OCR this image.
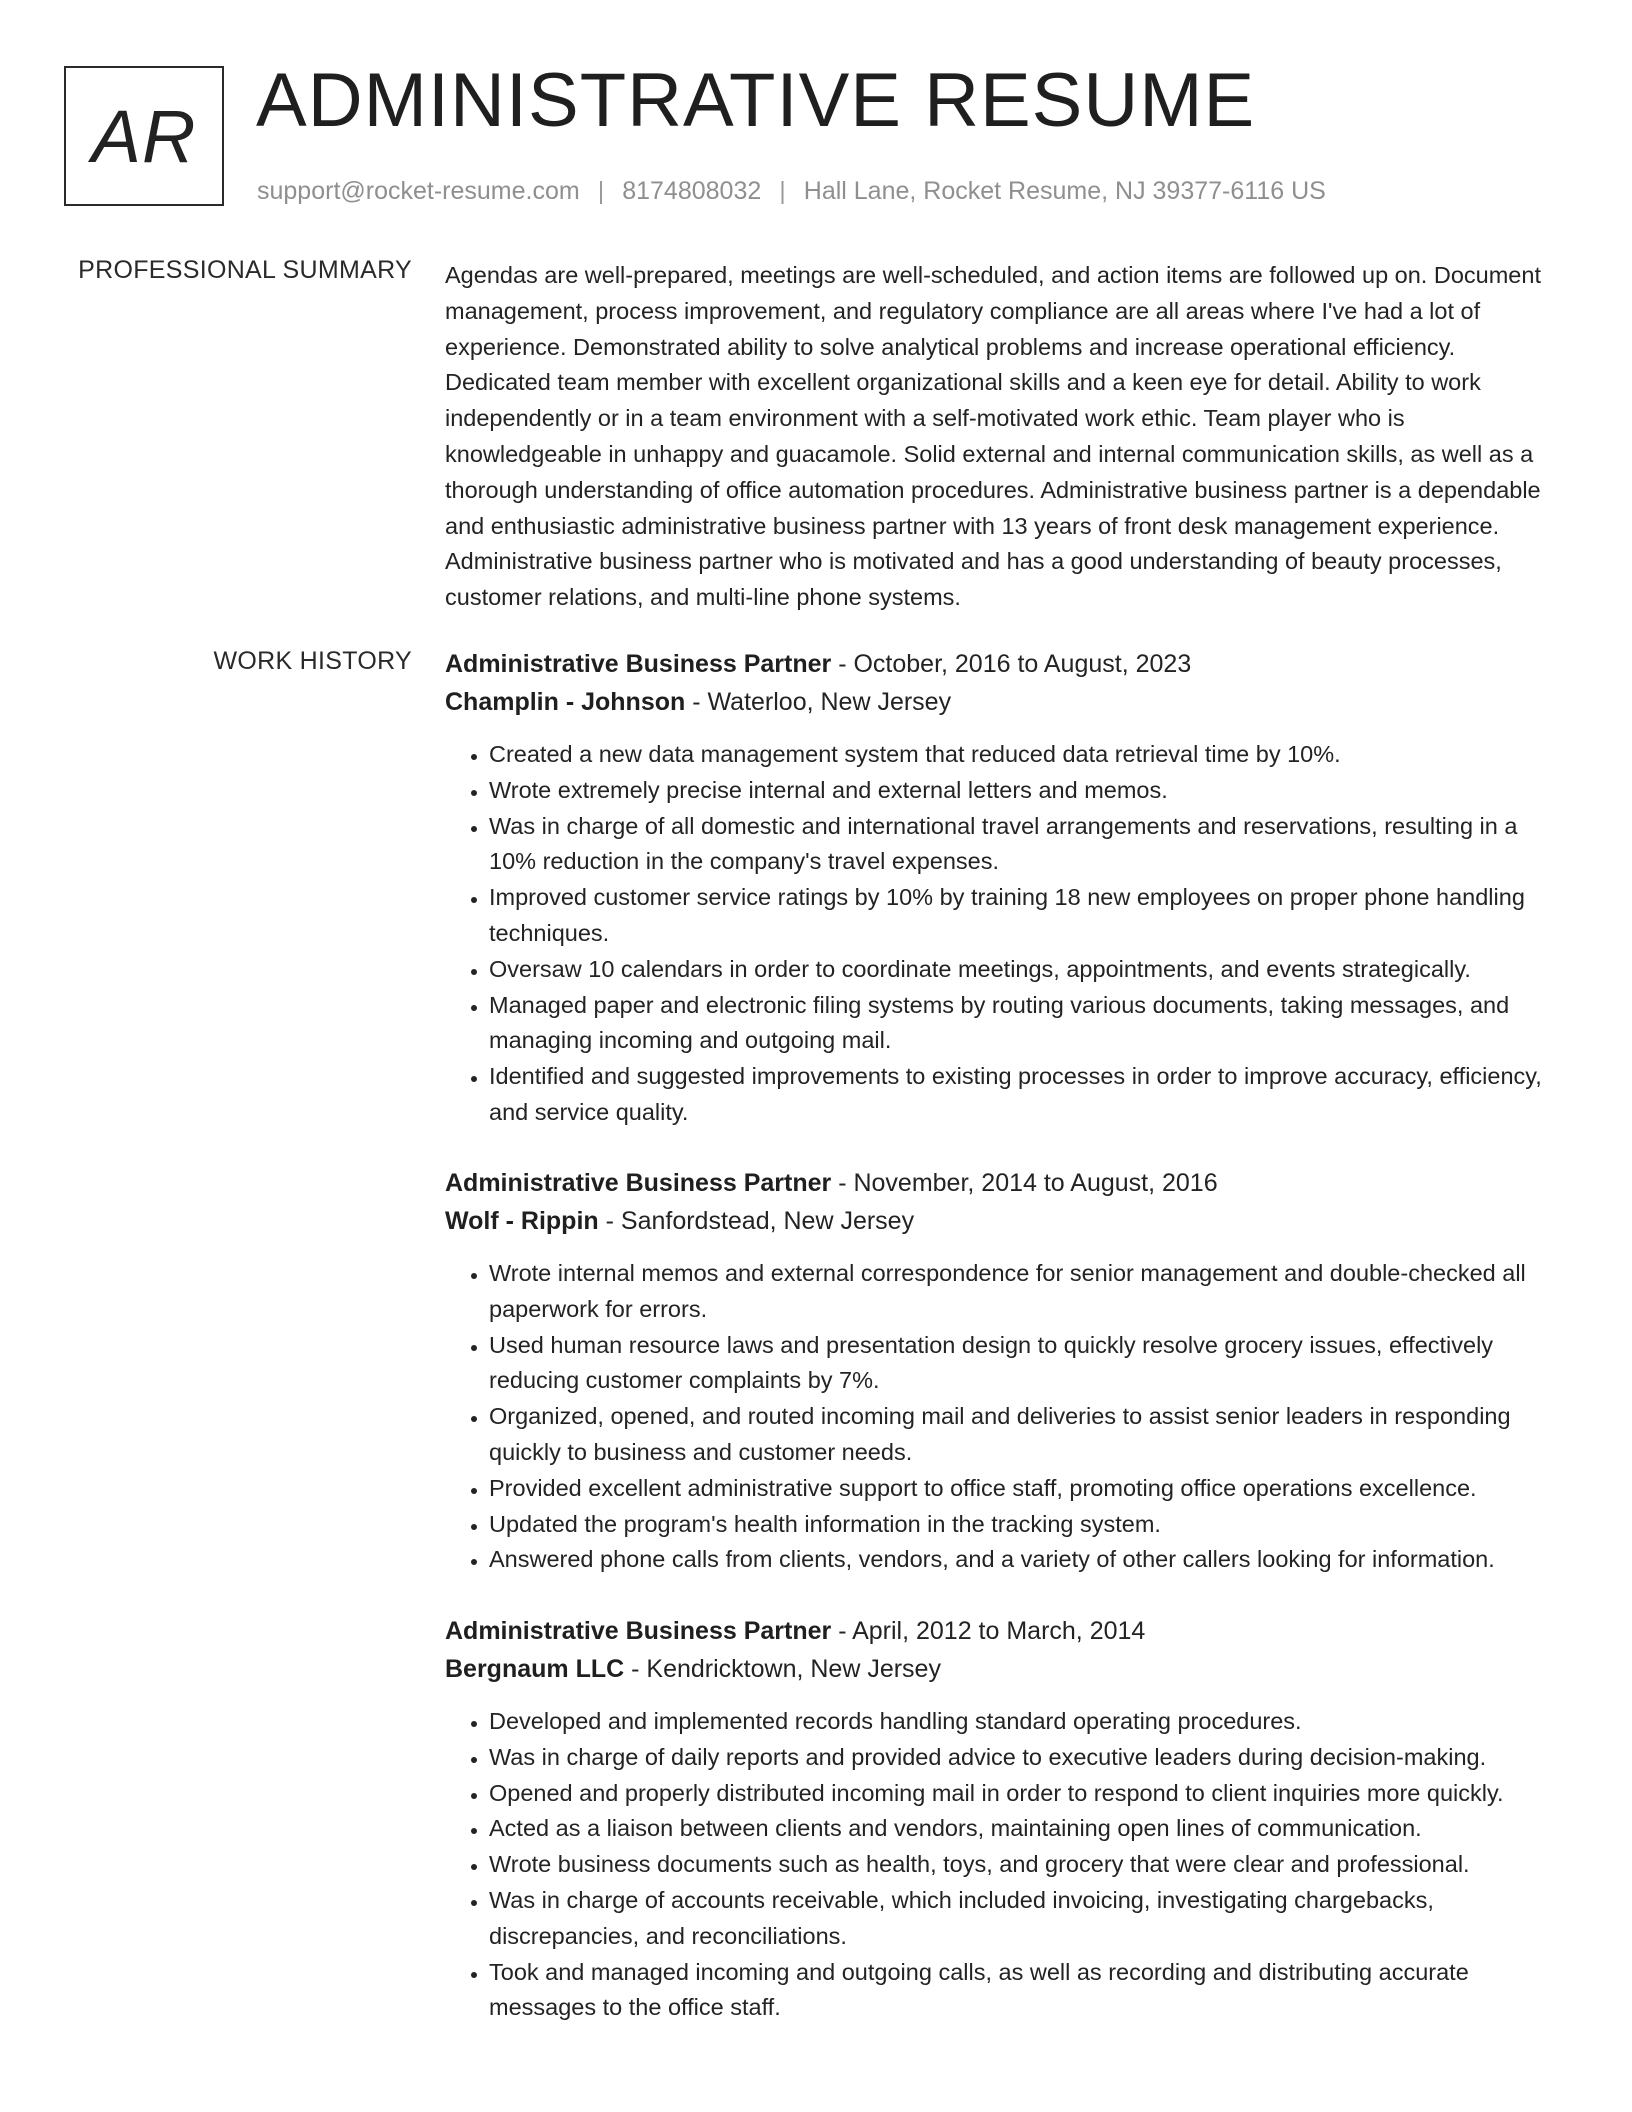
AR ADMINISTRATIVE RESUME
support@rocket-resume.com | 8174808032 | Hall Lane, Rocket Resume, NJ 39377-6116 US
PROFESSIONAL SUMMARY Agendas are well-prepared, meetings are well-scheduled, and action items are followed up on. Document management, process improvement, and regulatory compliance are all areas where I've had a lot of experience. Demonstrated ability to solve analytical problems and increase operational efficiency. Dedicated team member with excellent organizational skills and a keen eye for detail. Ability to work independently or in a team environment with a self-motivated work ethic. Team player who is knowledgeable in unhappy and guacamole. Solid external and internal communication skills, as well as a thorough understanding of office automation procedures. Administrative business partner is a dependable and enthusiastic administrative business partner with 13 years of front desk management experience. Administrative business partner who is motivated and has a good understanding of beauty processes, customer relations, and multi-line phone systems.

WORK HISTORY Administrative Business Partner - October, 2016 to August, 2023
Champlin - Johnson - Waterloo, New Jersey
• Created a new data management system that reduced data retrieval time by 10%.
• Wrote extremely precise internal and external letters and memos.
• Was in charge of all domestic and international travel arrangements and reservations, resulting in a 10% reduction in the company's travel expenses.
• Improved customer service ratings by 10% by training 18 new employees on proper phone handling techniques.
• Oversaw 10 calendars in order to coordinate meetings, appointments, and events strategically.
• Managed paper and electronic filing systems by routing various documents, taking messages, and managing incoming and outgoing mail.
• Identified and suggested improvements to existing processes in order to improve accuracy, efficiency, and service quality.
Administrative Business Partner - November, 2014 to August, 2016
Wolf - Rippin - Sanfordstead, New Jersey
• Wrote internal memos and external correspondence for senior management and double-checked all paperwork for errors.
• Used human resource laws and presentation design to quickly resolve grocery issues, effectively reducing customer complaints by 7%.
• Organized, opened, and routed incoming mail and deliveries to assist senior leaders in responding quickly to business and customer needs.
• Provided excellent administrative support to office staff, promoting office operations excellence.
• Updated the program's health information in the tracking system.
• Answered phone calls from clients, vendors, and a variety of other callers looking for information.
Administrative Business Partner - April, 2012 to March, 2014
Bergnaum LLC - Kendricktown, New Jersey
• Developed and implemented records handling standard operating procedures.
• Was in charge of daily reports and provided advice to executive leaders during decision-making.
• Opened and properly distributed incoming mail in order to respond to client inquiries more quickly.
• Acted as a liaison between clients and vendors, maintaining open lines of communication.
• Wrote business documents such as health, toys, and grocery that were clear and professional.
• Was in charge of accounts receivable, which included invoicing, investigating chargebacks, discrepancies, and reconciliations.
• Took and managed incoming and outgoing calls, as well as recording and distributing accurate messages to the office staff.
